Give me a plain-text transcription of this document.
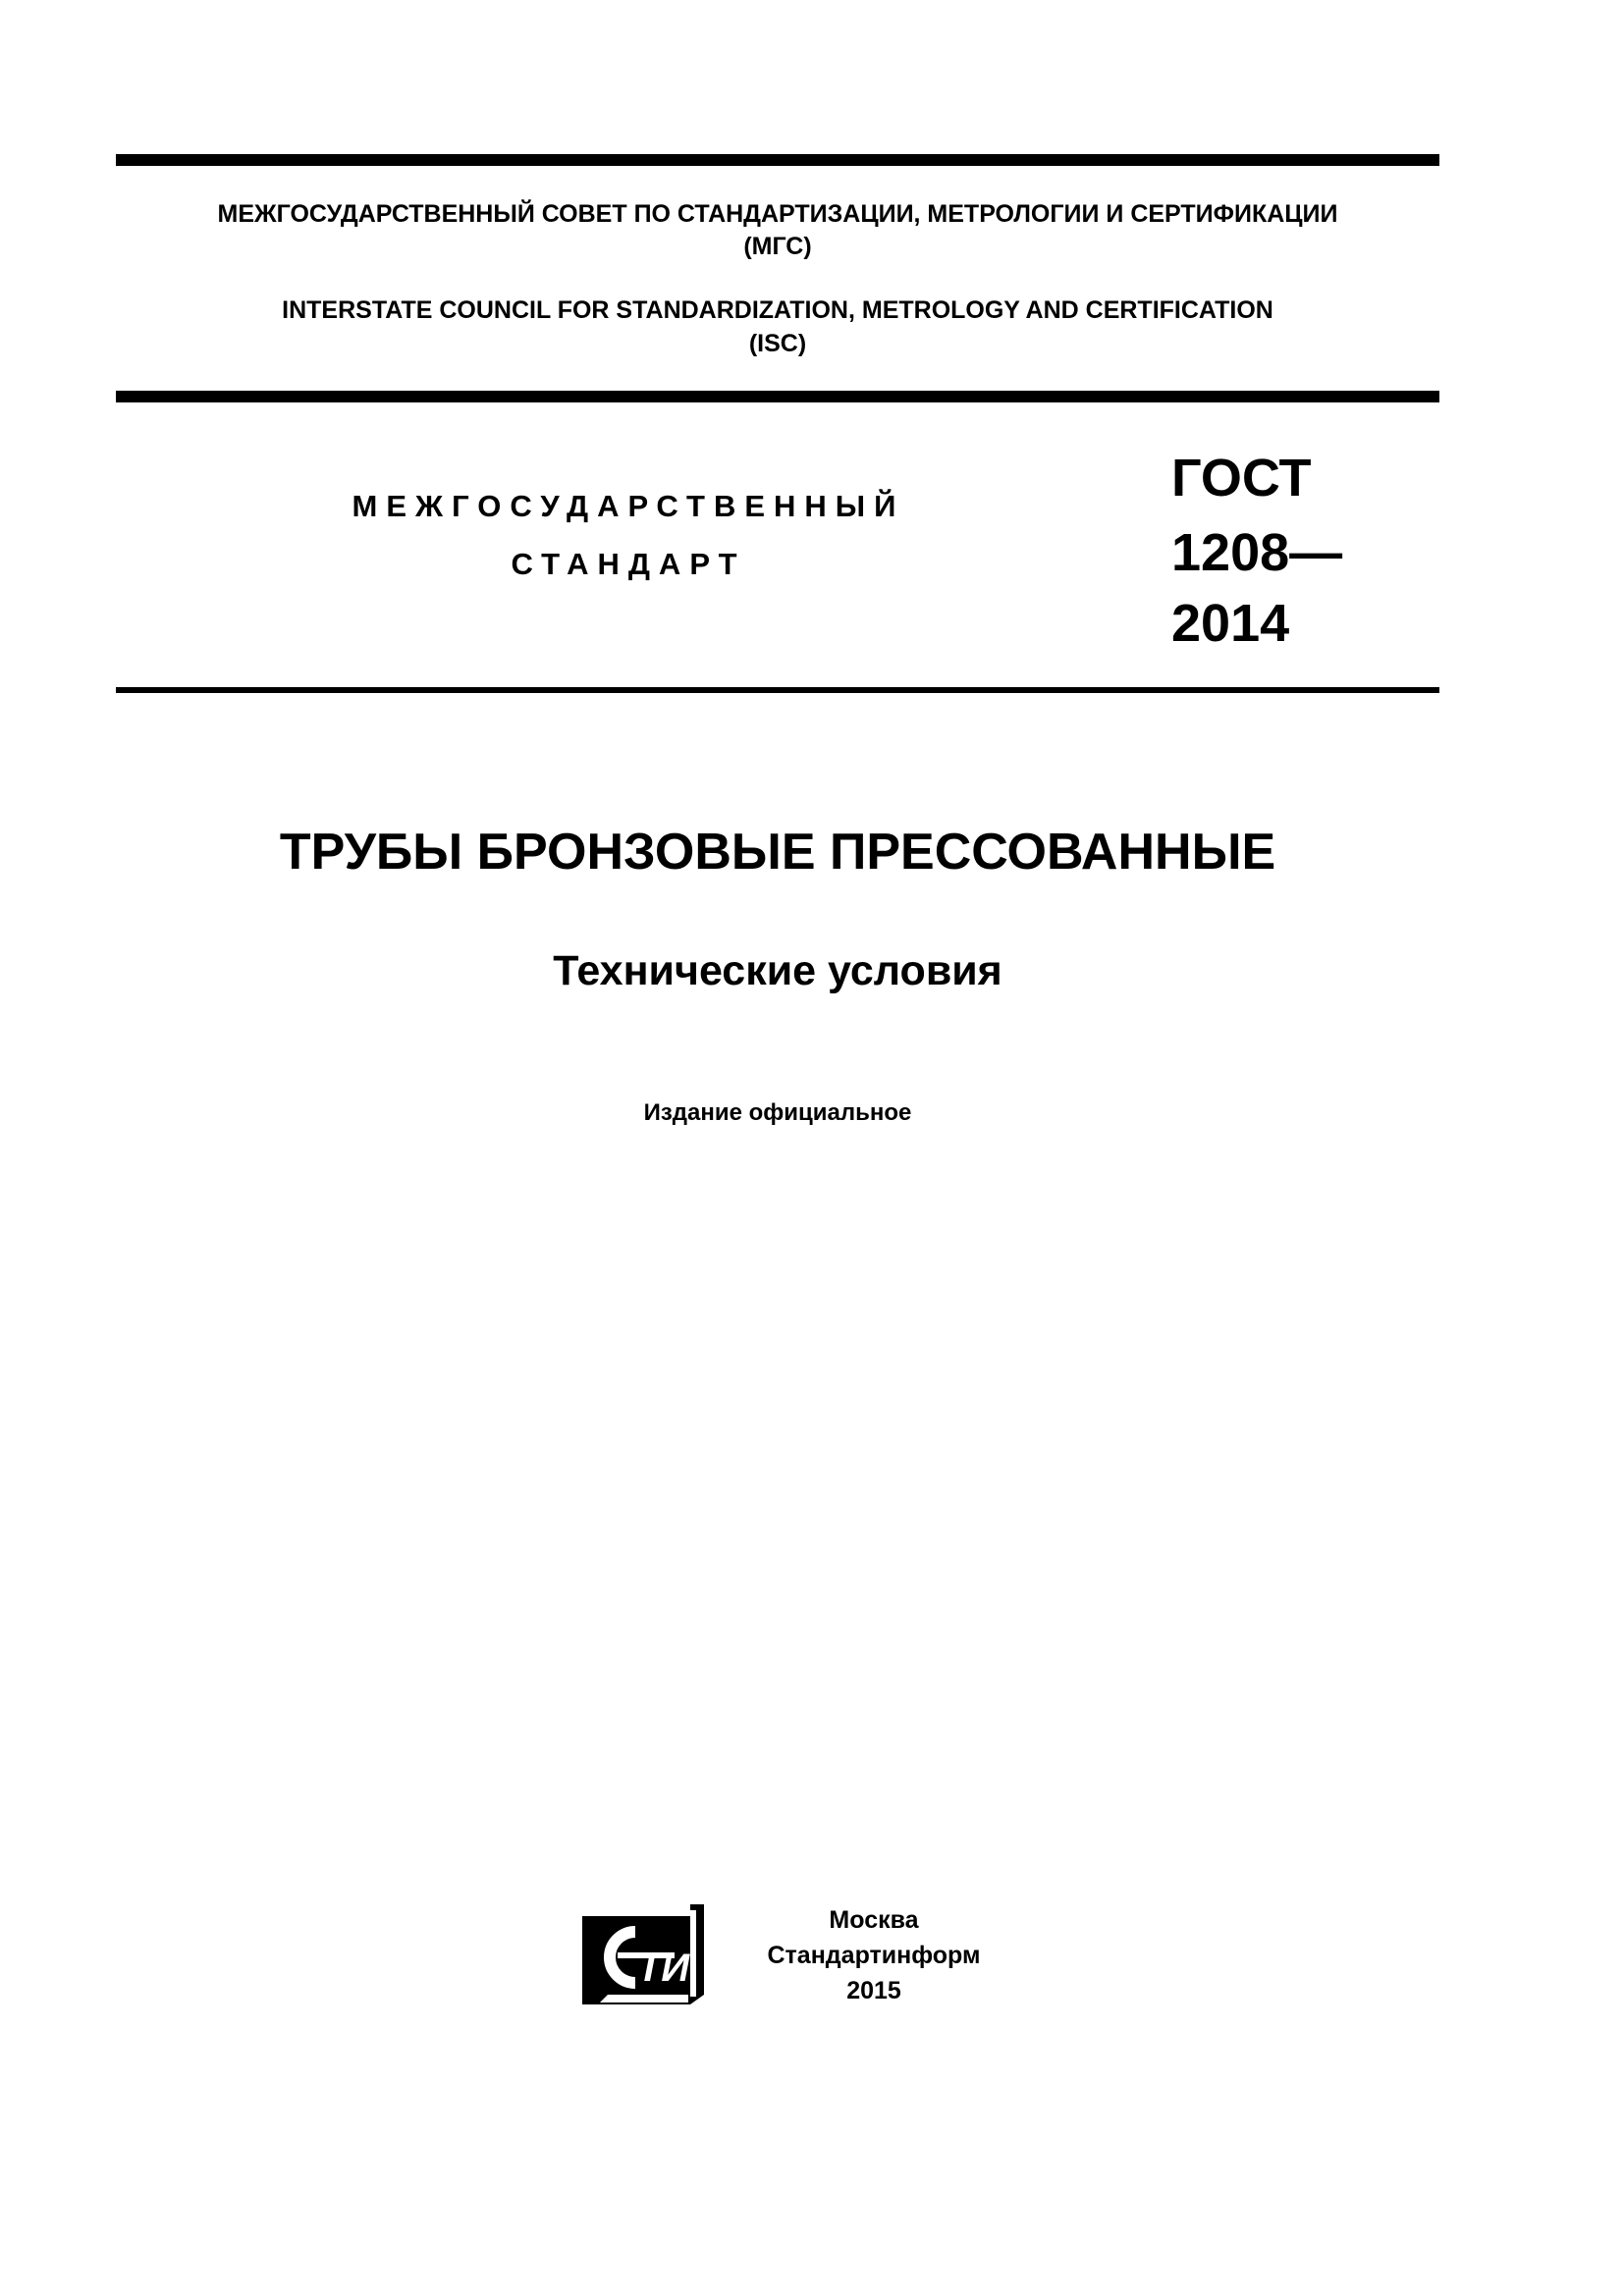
МЕЖГОСУДАРСТВЕННЫЙ СОВЕТ ПО СТАНДАРТИЗАЦИИ, МЕТРОЛОГИИ И СЕРТИФИКАЦИИ
(МГС)
INTERSTATE COUNCIL FOR STANDARDIZATION, METROLOGY AND CERTIFICATION
(ISC)
МЕЖГОСУДАРСТВЕННЫЙ
СТАНДАРТ
ГОСТ
1208—
2014
ТРУБЫ БРОНЗОВЫЕ ПРЕССОВАННЫЕ
Технические условия
Издание официальное
ТИ
Москва
Стандартинформ
2015
